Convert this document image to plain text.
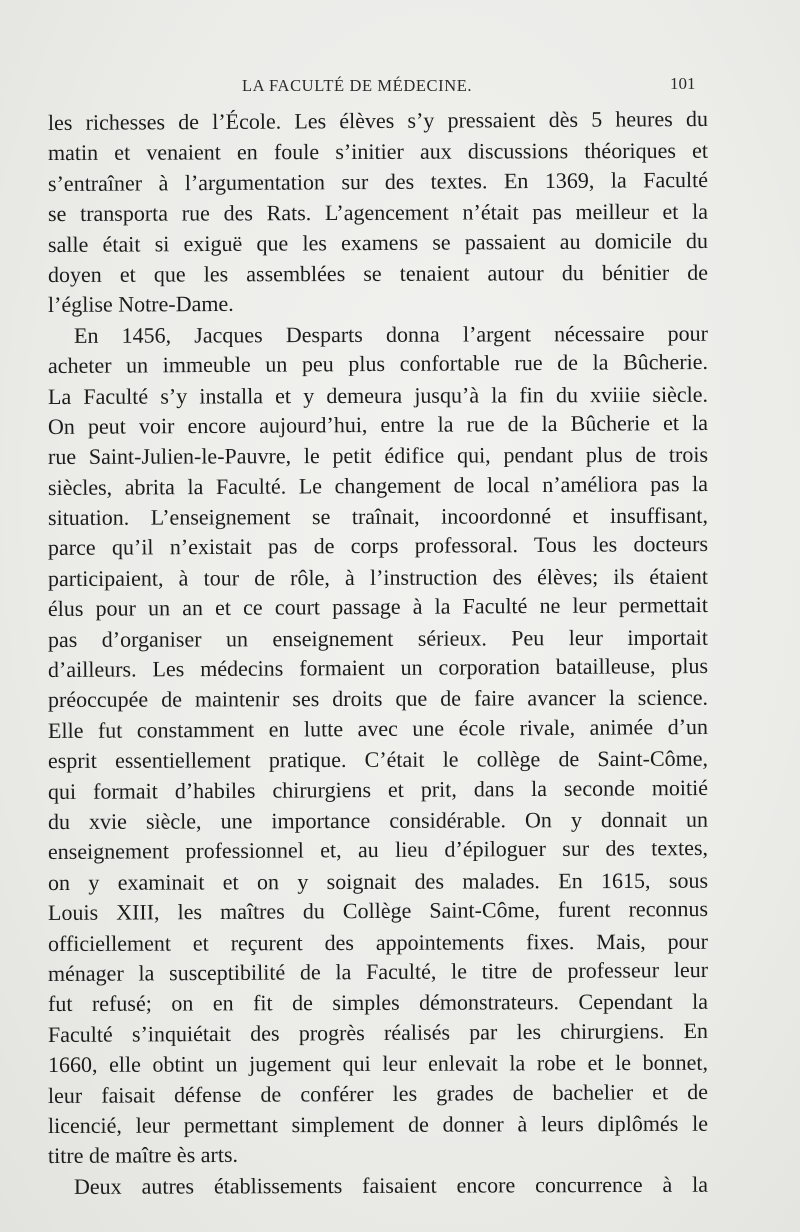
LA FACULTÉ DE MÉDECINE.	101
les richesses de l’École. Les élèves s’y pressaient dès 5 heures du
matin et venaient en foule s’initier aux discussions théoriques et
s’entraîner à l’argumentation sur des textes. En 1369, la Faculté
se transporta rue des Rats. L’agencement n’était pas meilleur et la
salle était si exiguë que les examens se passaient au domicile du
doyen et que les assemblées se tenaient autour du bénitier de
l’église Notre-Dame.
En 1456, Jacques Desparts donna l’argent nécessaire pour
acheter un immeuble un peu plus confortable rue de la Bûcherie.
La Faculté s’y installa et y demeura jusqu’à la fin du xviiie siècle.
On peut voir encore aujourd’hui, entre la rue de la Bûcherie et la
rue Saint-Julien-le-Pauvre, le petit édifice qui, pendant plus de trois
siècles, abrita la Faculté. Le changement de local n’améliora pas la
situation. L’enseignement se traînait, incoordonné et insuffisant,
parce qu’il n’existait pas de corps professoral. Tous les docteurs
participaient, à tour de rôle, à l’instruction des élèves; ils étaient
élus pour un an et ce court passage à la Faculté ne leur permettait
pas d’organiser un enseignement sérieux. Peu leur importait
d’ailleurs. Les médecins formaient un corporation batailleuse, plus
préoccupée de maintenir ses droits que de faire avancer la science.
Elle fut constamment en lutte avec une école rivale, animée d’un
esprit essentiellement pratique. C’était le collège de Saint-Côme,
qui formait d’habiles chirurgiens et prit, dans la seconde moitié
du xvie siècle, une importance considérable. On y donnait un
enseignement professionnel et, au lieu d’épiloguer sur des textes,
on y examinait et on y soignait des malades. En 1615, sous
Louis XIII, les maîtres du Collège Saint-Côme, furent reconnus
officiellement et reçurent des appointements fixes. Mais, pour
ménager la susceptibilité de la Faculté, le titre de professeur leur
fut refusé; on en fit de simples démonstrateurs. Cependant la
Faculté s’inquiétait des progrès réalisés par les chirurgiens. En
1660, elle obtint un jugement qui leur enlevait la robe et le bonnet,
leur faisait défense de conférer les grades de bachelier et de
licencié, leur permettant simplement de donner à leurs diplômés le
titre de maître ès arts.
Deux autres établissements faisaient encore concurrence à la
